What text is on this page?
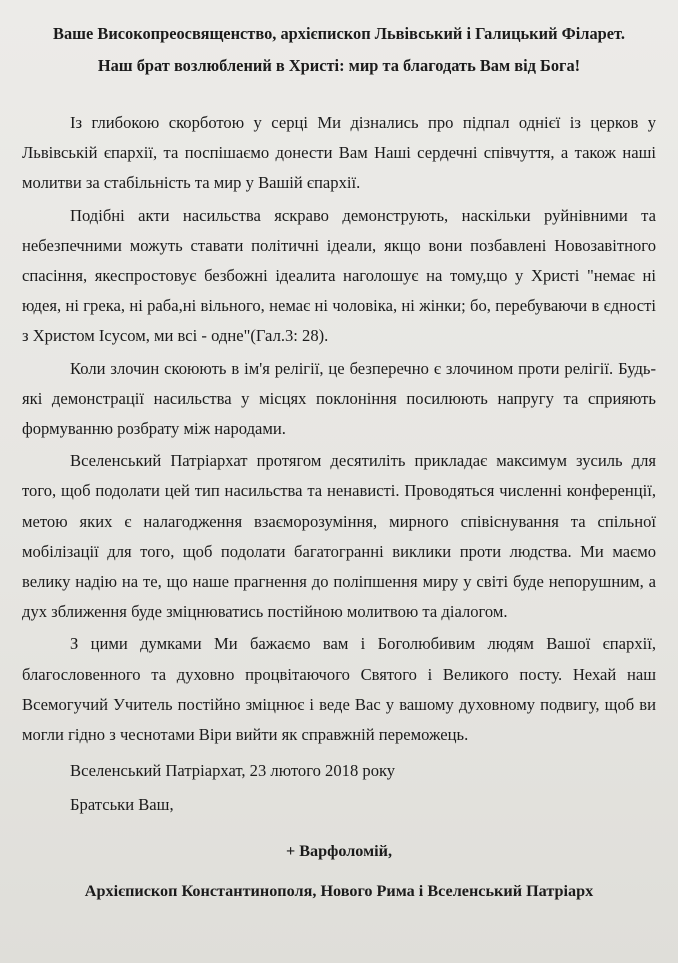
Ваше Високопреосвященство, архієпископ Львівський і Галицький Філарет.

Наш брат возлюблений в Христі: мир та благодать Вам від Бога!

Із глибокою скорботою у серці Ми дізнались про підпал однієї із церков у Львівській єпархії, та поспішаємо донести Вам Наші сердечні співчуття, а також наші молитви за стабільність та мир у Вашій єпархії.

Подібні акти насильства яскраво демонструють, наскільки руйнівними та небезпечними можуть ставати політичні ідеали, якщо вони позбавлені Новозавітного спасіння, якеспростовує безбожні ідеалита наголошує на тому,що у Христі "немає ні юдея, ні грека, ні раба,ні вільного, немає ні чоловіка, ні жінки; бо, перебуваючи в єдності з Христом Ісусом, ми всі - одне"(Гал.3: 28).

Коли злочин скоюють в ім'я релігії, це безперечно є злочином проти релігії. Будь-які демонстрації насильства у місцях поклоніння посилюють напругу та сприяють формуванню розбрату між народами.

Вселенський Патріархат протягом десятиліть прикладає максимум зусиль для того, щоб подолати цей тип насильства та ненависті. Проводяться численні конференції, метою яких є налагодження взаєморозуміння, мирного співіснування та спільної мобілізації для того, щоб подолати багатогранні виклики проти людства. Ми маємо велику надію на те, що наше прагнення до поліпшення миру у світі буде непорушним, а дух зближення буде зміцнюватись постійною молитвою та діалогом.

З цими думками Ми бажаємо вам і Боголюбивим людям Вашої єпархії, благословенного та духовно процвітаючого Святого і Великого посту. Нехай наш Всемогучий Учитель постійно зміцнює і веде Вас у вашому духовному подвигу, щоб ви могли гідно з чеснотами Віри вийти як справжній переможець.

Вселенський Патріархат, 23 лютого 2018 року

Братськи Ваш,

+ Варфоломій,

Архієпископ Константинополя, Нового Рима і Вселенський Патріарх
